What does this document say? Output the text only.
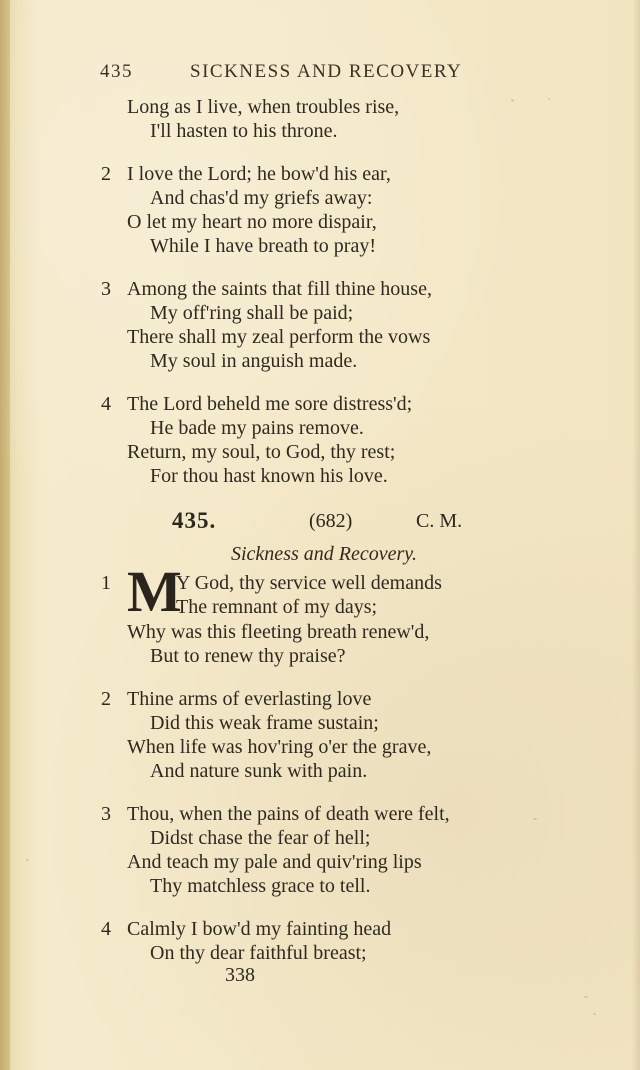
435	SICKNESS AND RECOVERY
Long as I live, when troubles rise,
I'll hasten to his throne.
2 I love the Lord; he bow'd his ear,
And chas'd my griefs away:
O let my heart no more dispair,
While I have breath to pray!
3 Among the saints that fill thine house,
My off'ring shall be paid;
There shall my zeal perform the vows
My soul in anguish made.
4 The Lord beheld me sore distress'd;
He bade my pains remove.
Return, my soul, to God, thy rest;
For thou hast known his love.
435.	(682)	C. M.
Sickness and Recovery.
1 M
Y God, thy service well demands
The remnant of my days;
Why was this fleeting breath renew'd,
But to renew thy praise?
2 Thine arms of everlasting love
Did this weak frame sustain;
When life was hov'ring o'er the grave,
And nature sunk with pain.
3 Thou, when the pains of death were felt,
Didst chase the fear of hell;
And teach my pale and quiv'ring lips
Thy matchless grace to tell.
4 Calmly I bow'd my fainting head
On thy dear faithful breast;
338
